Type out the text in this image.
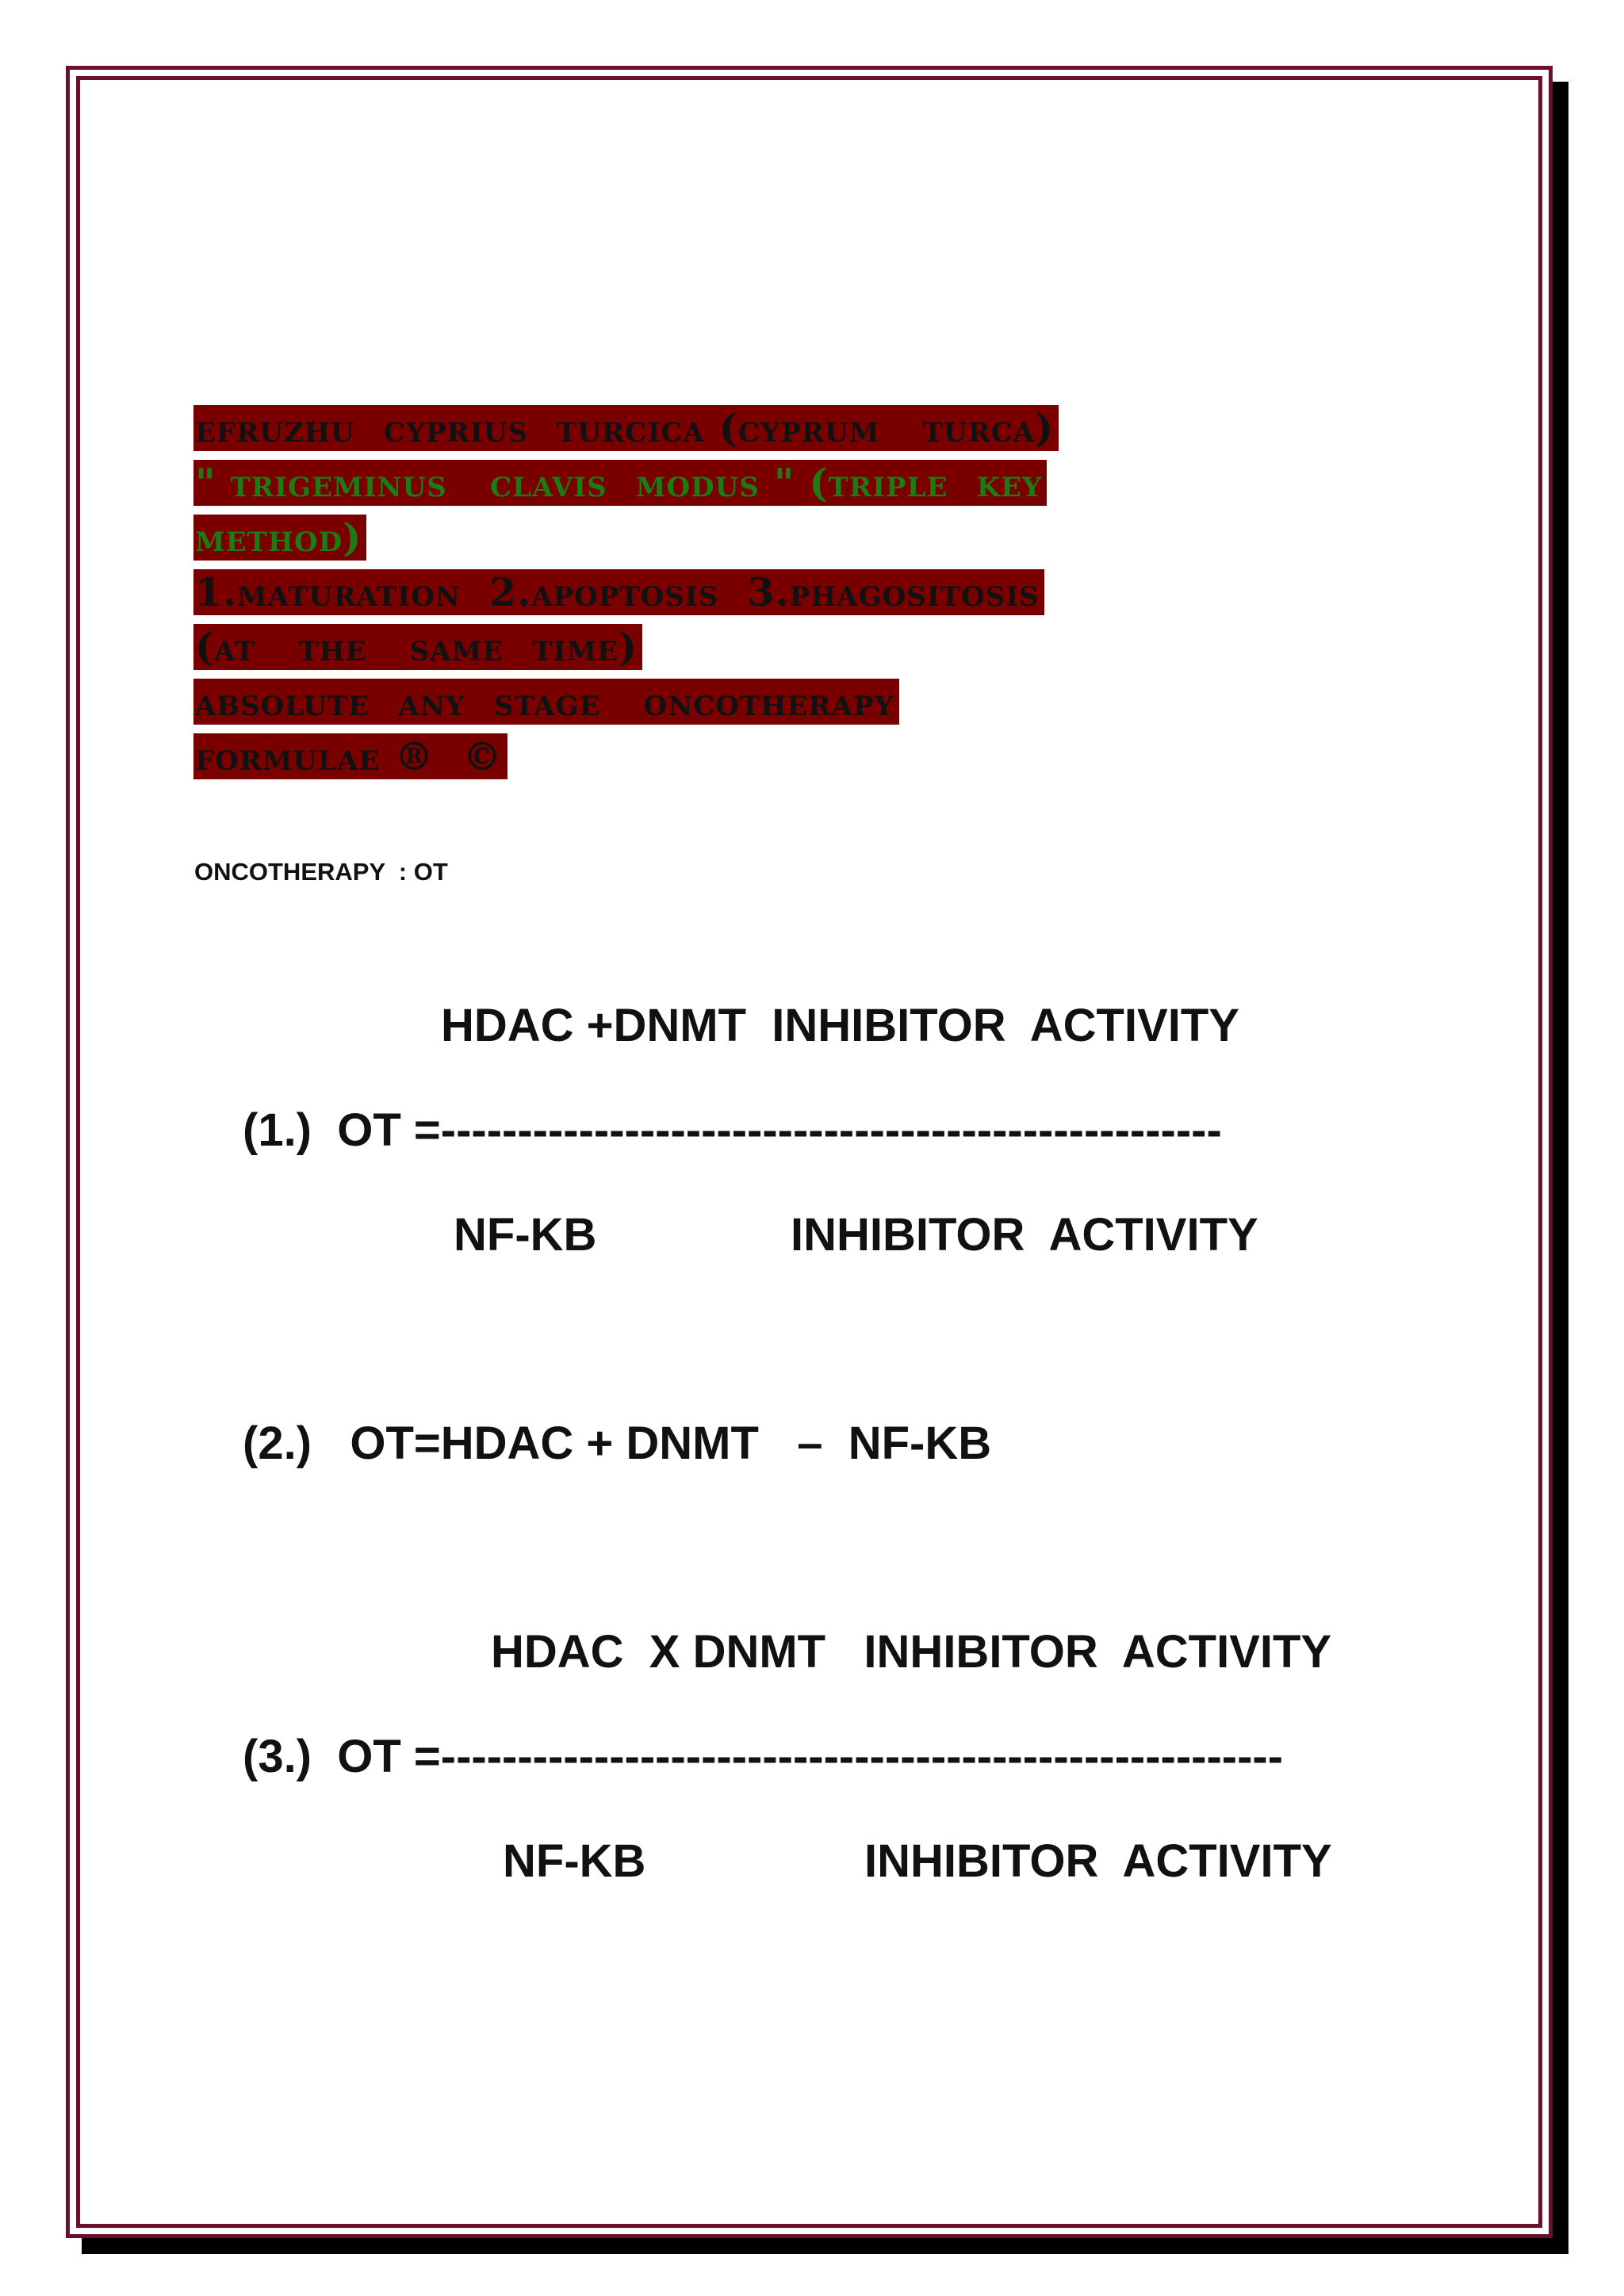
efruzhu  cyprius  turcica (cyprum   turca)
" trigeminus   clavis  modus " (triple  key
method)
1.maturation  2.apoptosis  3.phagositosis
(at   the   same  time)
absolute  any  stage   oncotherapy
formulae ®  ©
ONCOTHERAPY  : OT
HDAC +DNMT  INHIBITOR  ACTIVITY
(1.)  OT =---------------------------------------------------
NF-KB	INHIBITOR  ACTIVITY
(2.)   OT=HDAC + DNMT   –  NF-KB
HDAC  X DNMT   INHIBITOR  ACTIVITY
(3.)  OT =-------------------------------------------------------
NF-KB	INHIBITOR  ACTIVITY
